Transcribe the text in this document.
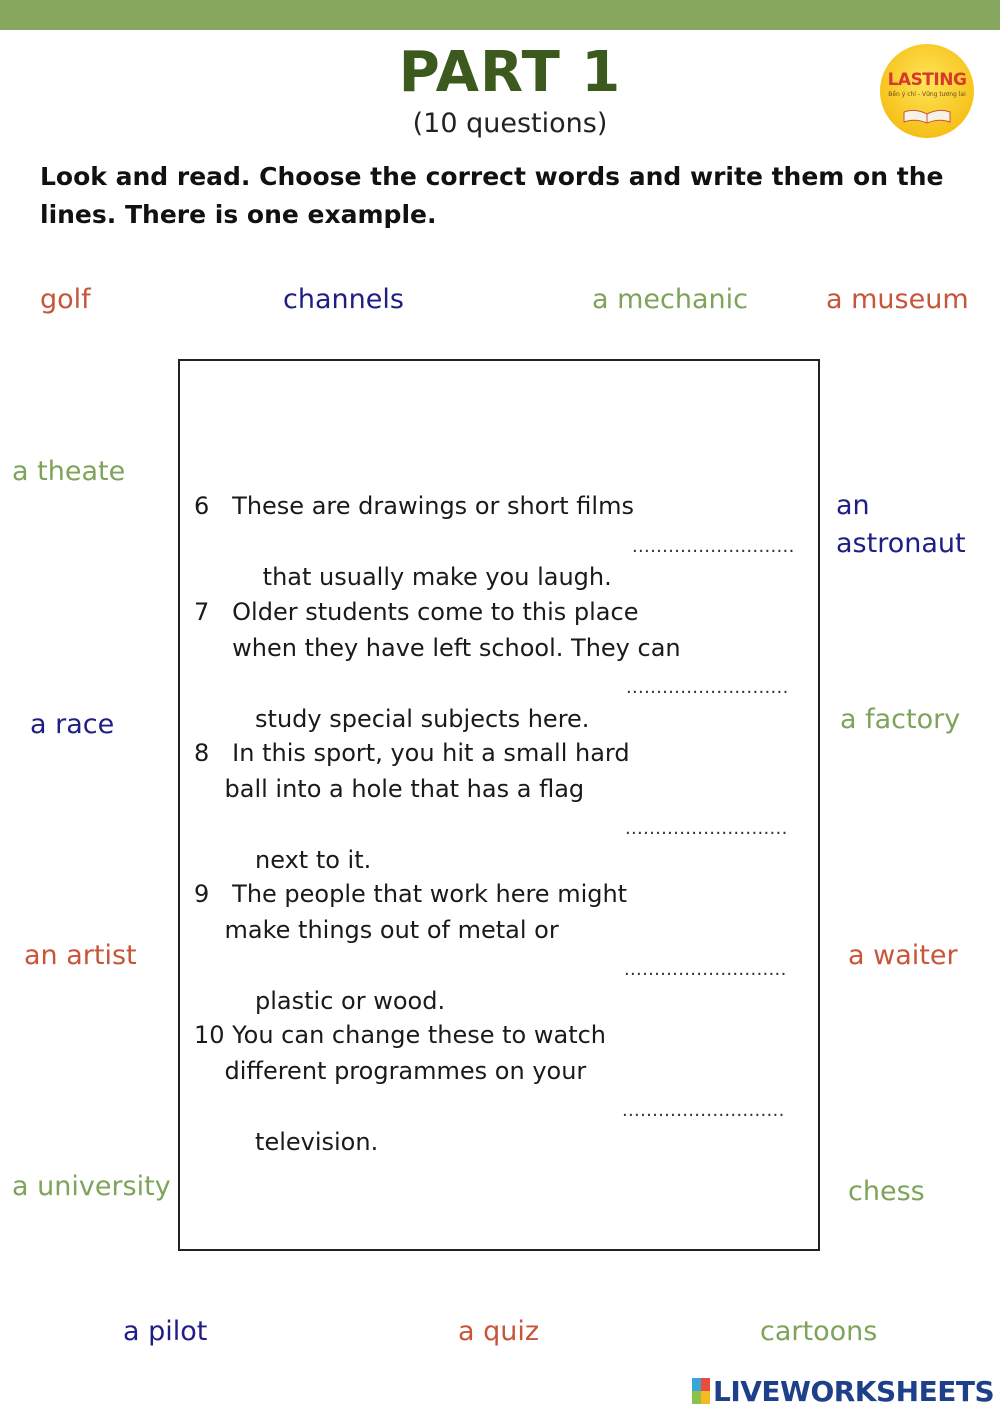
PART 1
(10 questions)
LASTING
Bền ý chí - Vững tương lai
Look and read. Choose the correct words and write them on the lines. There is one example.
golf	channels	a mechanic	a museum
a theate
an
astronaut
a race	a factory
an artist	a waiter
a university	chess
a pilot	a quiz	cartoons
6   These are drawings or short films

that usually make you laugh.

...........................

7   Older students come to this place
when they have left school. They can

study special subjects here.

...........................

8   In this sport, you hit a small hard
ball into a hole that has a flag

next to it.

...........................

9   The people that work here might
make things out of metal or

plastic or wood.

...........................

10 You can change these to watch
different programmes on your

television.

...........................

LIVEWORKSHEETS
